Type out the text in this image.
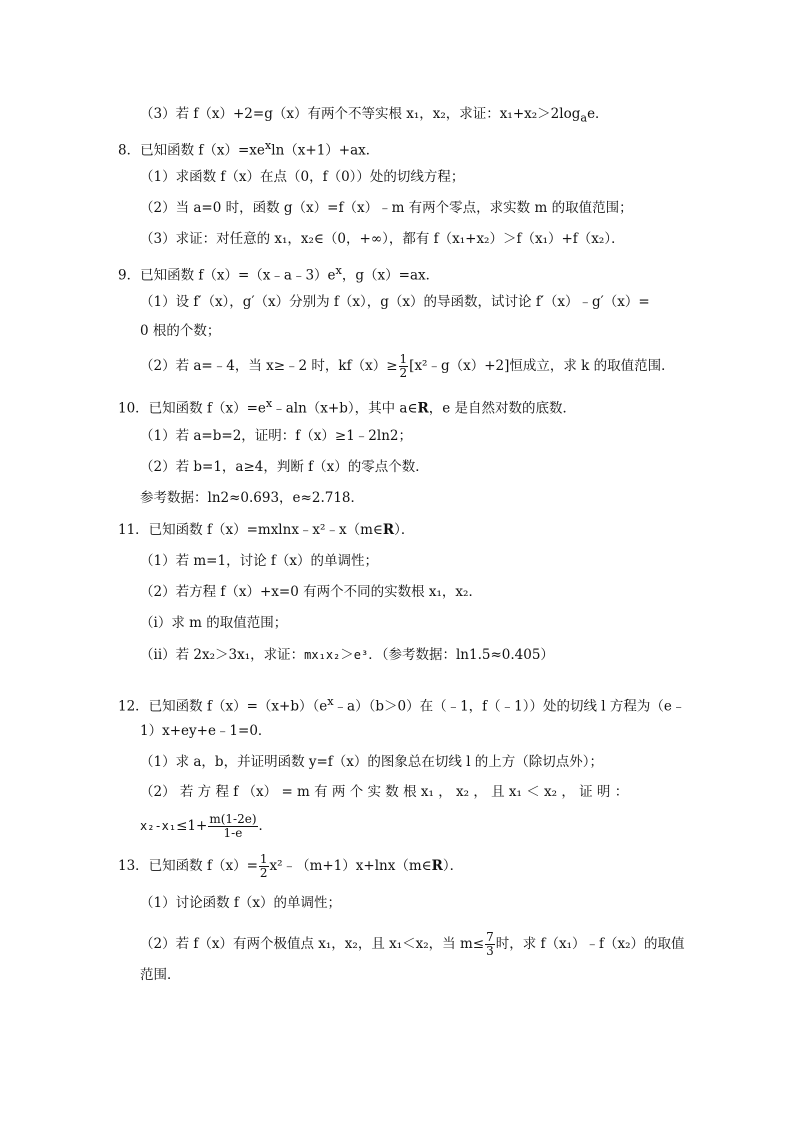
（3）若 f（x）+2=g（x）有两个不等实根 x₁，x₂，求证：$x_1+x_2>2\log_ae$．
8．已知函数 $f(x)=xe^x\ln(x+1)+ax$．
（1）求函数 f（x）在点（0，f（0））处的切线方程；
（2）当 a=0 时，函数 g（x）=f（x）﹣m 有两个零点，求实数 m 的取值范围；
（3）求证：对任意的 x₁，x₂∈（0，+∞），都有 f（x₁+x₂）＞f（x₁）+f（x₂）．
9．已知函数 $f(x)=(x﹣a﹣3)e^x$，g（x）=ax．
（1）设 f′（x），g′（x）分别为 f（x），g（x）的导函数，试讨论 f′（x）﹣g′（x）=
0 根的个数；
（2）若 a=﹣4，当 x≥﹣2 时，$kf(x)\ge \frac{1}{2}$ [x²﹣g（x）+2]恒成立，求 k 的取值范围．
10．已知函数 $f(x)=e^x﹣aln(x+b)$，其中 a∈R，e 是自然对数的底数．
（1）若 a=b=2，证明：f（x）≥1﹣2ln2；
（2）若 b=1，a≥4，判断 f（x）的零点个数．
参考数据：ln2≈0.693，e≈2.718．
11．已知函数 f（x）=mxlnx﹣x²﹣x（m∈R）．
（1）若 m=1，讨论 f（x）的单调性；
（2）若方程 f（x）+x=0 有两个不同的实数根 x₁，x₂．
（i）求 m 的取值范围；
（ii）若 2x₂＞3x₁，求证：mx₁x₂＞e³．（参考数据：ln1.5≈0.405）
12．已知函数 $f(x)=(x+b)(e^x﹣a)(b>0)$在（﹣1，f（﹣1））处的切线 l 方程为（e﹣
1）x+ey+e﹣1=0．
（1）求 a，b，并证明函数 y=f（x）的图象总在切线 l 的上方（除切点外）；
（2） 若 方 程 f （x） = m 有 两 个 实 数 根 x₁ ， x₂ ， 且 x₁ ＜ x₂ ， 证 明 ：
$x_2-x_1\le 1+ \frac{m(1-2e)}{1-e}$ ．
13．已知函数 $f(x)= \frac{1}{2}$ x²﹣（m+1）x+lnx（m∈R）．
（1）讨论函数 f（x）的单调性；
（2）若 f（x）有两个极值点 x₁，x₂，且 x₁＜x₂，当 $m\le \frac{7}{3}$ 时，求 f（x₁）﹣f（x₂）的取值
范围．
